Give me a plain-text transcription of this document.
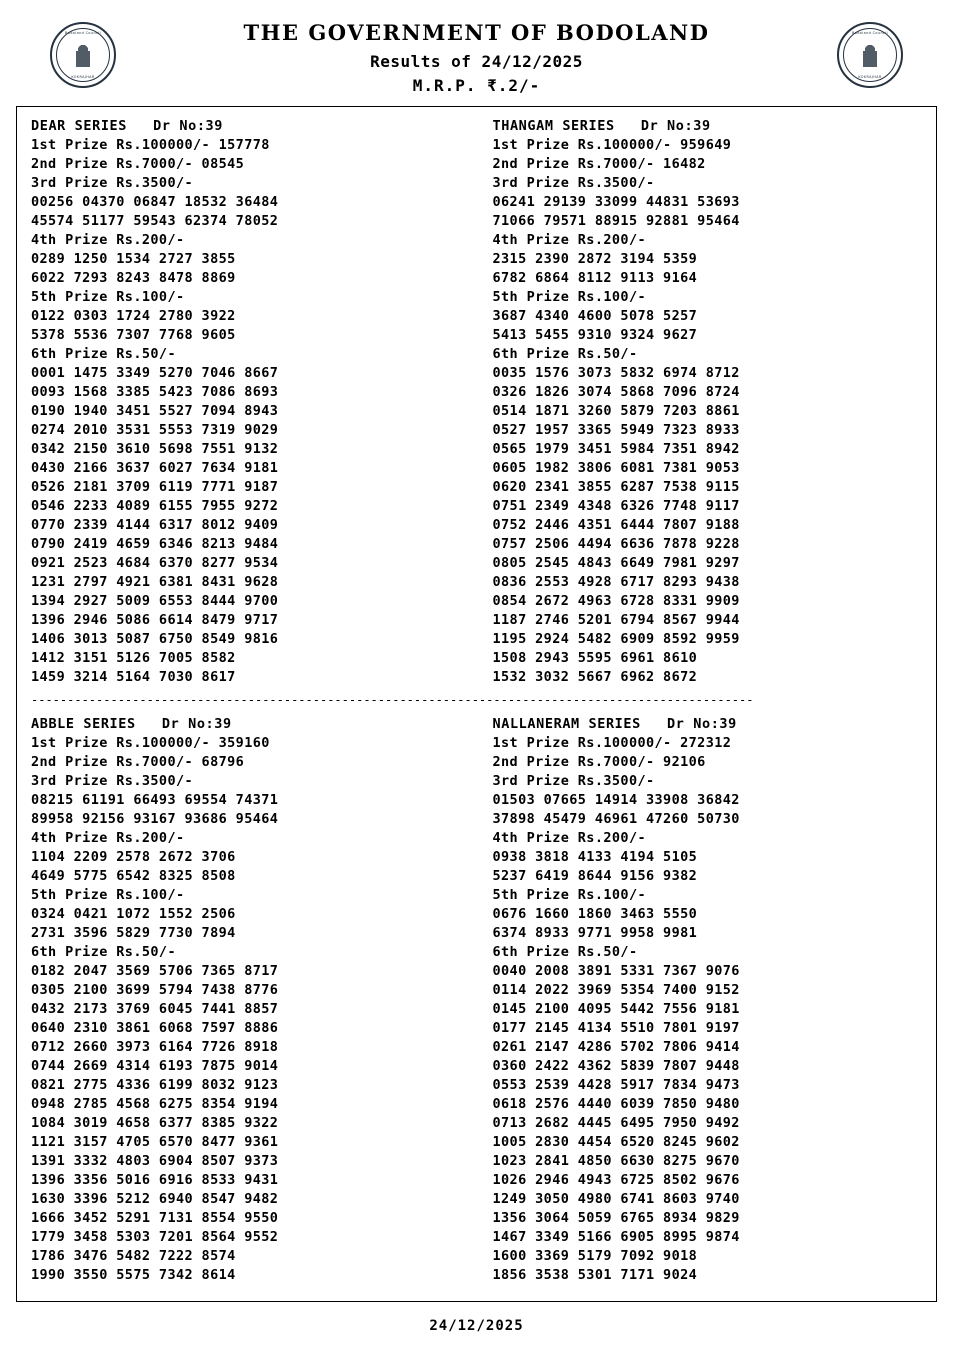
Bodoland Council
KOKRAJHAR
THE GOVERNMENT OF BODOLAND
Results of 24/12/2025
M.R.P. ₹.2/-
Bodoland Council
KOKRAJHAR
DEAR SERIES   Dr No:39
1st Prize Rs.100000/- 157778
2nd Prize Rs.7000/- 08545
3rd Prize Rs.3500/-
00256 04370 06847 18532 36484
45574 51177 59543 62374 78052
4th Prize Rs.200/-
0289 1250 1534 2727 3855
6022 7293 8243 8478 8869
5th Prize Rs.100/-
0122 0303 1724 2780 3922
5378 5536 7307 7768 9605
6th Prize Rs.50/-
0001 1475 3349 5270 7046 8667
0093 1568 3385 5423 7086 8693
0190 1940 3451 5527 7094 8943
0274 2010 3531 5553 7319 9029
0342 2150 3610 5698 7551 9132
0430 2166 3637 6027 7634 9181
0526 2181 3709 6119 7771 9187
0546 2233 4089 6155 7955 9272
0770 2339 4144 6317 8012 9409
0790 2419 4659 6346 8213 9484
0921 2523 4684 6370 8277 9534
1231 2797 4921 6381 8431 9628
1394 2927 5009 6553 8444 9700
1396 2946 5086 6614 8479 9717
1406 3013 5087 6750 8549 9816
1412 3151 5126 7005 8582
1459 3214 5164 7030 8617
THANGAM SERIES   Dr No:39
1st Prize Rs.100000/- 959649
2nd Prize Rs.7000/- 16482
3rd Prize Rs.3500/-
06241 29139 33099 44831 53693
71066 79571 88915 92881 95464
4th Prize Rs.200/-
2315 2390 2872 3194 5359
6782 6864 8112 9113 9164
5th Prize Rs.100/-
3687 4340 4600 5078 5257
5413 5455 9310 9324 9627
6th Prize Rs.50/-
0035 1576 3073 5832 6974 8712
0326 1826 3074 5868 7096 8724
0514 1871 3260 5879 7203 8861
0527 1957 3365 5949 7323 8933
0565 1979 3451 5984 7351 8942
0605 1982 3806 6081 7381 9053
0620 2341 3855 6287 7538 9115
0751 2349 4348 6326 7748 9117
0752 2446 4351 6444 7807 9188
0757 2506 4494 6636 7878 9228
0805 2545 4843 6649 7981 9297
0836 2553 4928 6717 8293 9438
0854 2672 4963 6728 8331 9909
1187 2746 5201 6794 8567 9944
1195 2924 5482 6909 8592 9959
1508 2943 5595 6961 8610
1532 3032 5667 6962 8672
----------------------------------------------------------------------------------------------------
ABBLE SERIES   Dr No:39
1st Prize Rs.100000/- 359160
2nd Prize Rs.7000/- 68796
3rd Prize Rs.3500/-
08215 61191 66493 69554 74371
89958 92156 93167 93686 95464
4th Prize Rs.200/-
1104 2209 2578 2672 3706
4649 5775 6542 8325 8508
5th Prize Rs.100/-
0324 0421 1072 1552 2506
2731 3596 5829 7730 7894
6th Prize Rs.50/-
0182 2047 3569 5706 7365 8717
0305 2100 3699 5794 7438 8776
0432 2173 3769 6045 7441 8857
0640 2310 3861 6068 7597 8886
0712 2660 3973 6164 7726 8918
0744 2669 4314 6193 7875 9014
0821 2775 4336 6199 8032 9123
0948 2785 4568 6275 8354 9194
1084 3019 4658 6377 8385 9322
1121 3157 4705 6570 8477 9361
1391 3332 4803 6904 8507 9373
1396 3356 5016 6916 8533 9431
1630 3396 5212 6940 8547 9482
1666 3452 5291 7131 8554 9550
1779 3458 5303 7201 8564 9552
1786 3476 5482 7222 8574
1990 3550 5575 7342 8614
NALLANERAM SERIES   Dr No:39
1st Prize Rs.100000/- 272312
2nd Prize Rs.7000/- 92106
3rd Prize Rs.3500/-
01503 07665 14914 33908 36842
37898 45479 46961 47260 50730
4th Prize Rs.200/-
0938 3818 4133 4194 5105
5237 6419 8644 9156 9382
5th Prize Rs.100/-
0676 1660 1860 3463 5550
6374 8933 9771 9958 9981
6th Prize Rs.50/-
0040 2008 3891 5331 7367 9076
0114 2022 3969 5354 7400 9152
0145 2100 4095 5442 7556 9181
0177 2145 4134 5510 7801 9197
0261 2147 4286 5702 7806 9414
0360 2422 4362 5839 7807 9448
0553 2539 4428 5917 7834 9473
0618 2576 4440 6039 7850 9480
0713 2682 4445 6495 7950 9492
1005 2830 4454 6520 8245 9602
1023 2841 4850 6630 8275 9670
1026 2946 4943 6725 8502 9676
1249 3050 4980 6741 8603 9740
1356 3064 5059 6765 8934 9829
1467 3349 5166 6905 8995 9874
1600 3369 5179 7092 9018
1856 3538 5301 7171 9024
24/12/2025
